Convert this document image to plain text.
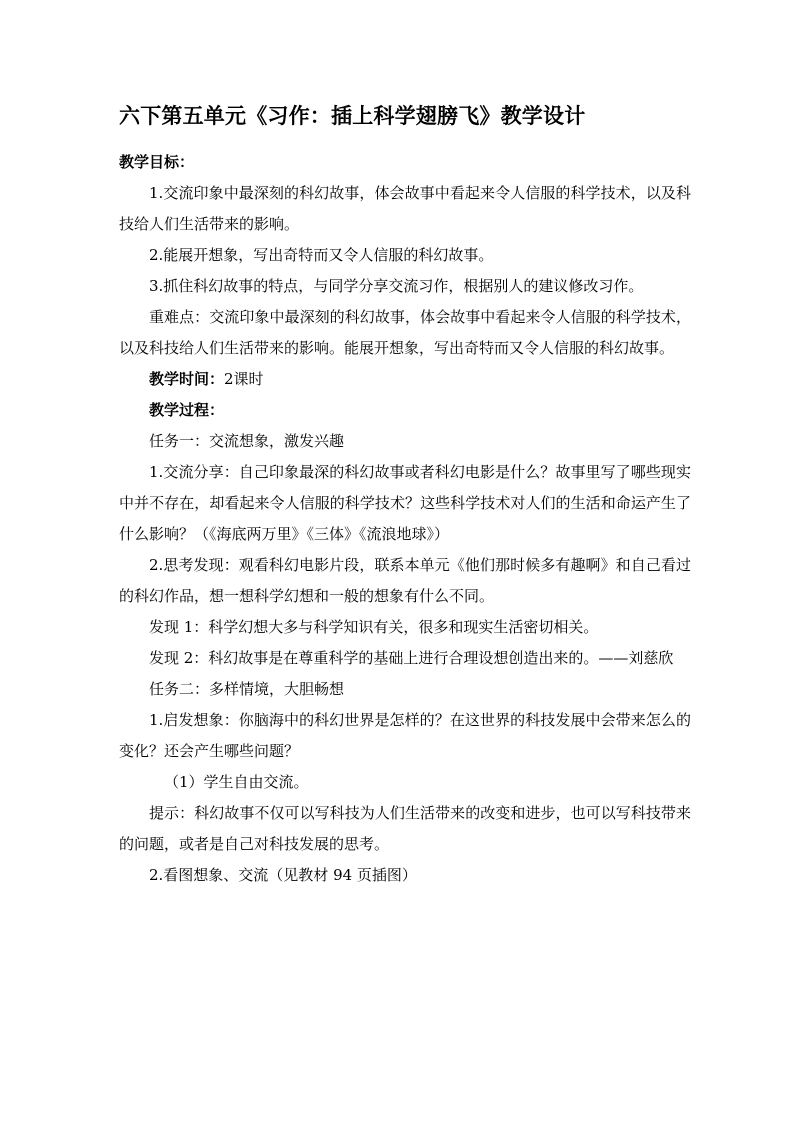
六下第五单元《习作：插上科学翅膀飞》教学设计

教学目标：

1.交流印象中最深刻的科幻故事，体会故事中看起来令人信服的科学技术，以及科技给人们生活带来的影响。

2.能展开想象，写出奇特而又令人信服的科幻故事。

3.抓住科幻故事的特点，与同学分享交流习作，根据别人的建议修改习作。

重难点：交流印象中最深刻的科幻故事，体会故事中看起来令人信服的科学技术，以及科技给人们生活带来的影响。能展开想象，写出奇特而又令人信服的科幻故事。

教学时间：2课时

教学过程：

任务一：交流想象，激发兴趣

1.交流分享：自己印象最深的科幻故事或者科幻电影是什么？故事里写了哪些现实中并不存在，却看起来令人信服的科学技术？这些科学技术对人们的生活和命运产生了什么影响？（《海底两万里》《三体》《流浪地球》）

2.思考发现：观看科幻电影片段，联系本单元《他们那时候多有趣啊》和自己看过的科幻作品，想一想科学幻想和一般的想象有什么不同。

发现 1：科学幻想大多与科学知识有关，很多和现实生活密切相关。

发现 2：科幻故事是在尊重科学的基础上进行合理设想创造出来的。——刘慈欣

任务二：多样情境，大胆畅想

1.启发想象：你脑海中的科幻世界是怎样的？在这世界的科技发展中会带来怎么的变化？还会产生哪些问题？

（1）学生自由交流。

提示：科幻故事不仅可以写科技为人们生活带来的改变和进步，也可以写科技带来的问题，或者是自己对科技发展的思考。

2.看图想象、交流（见教材 94 页插图）
